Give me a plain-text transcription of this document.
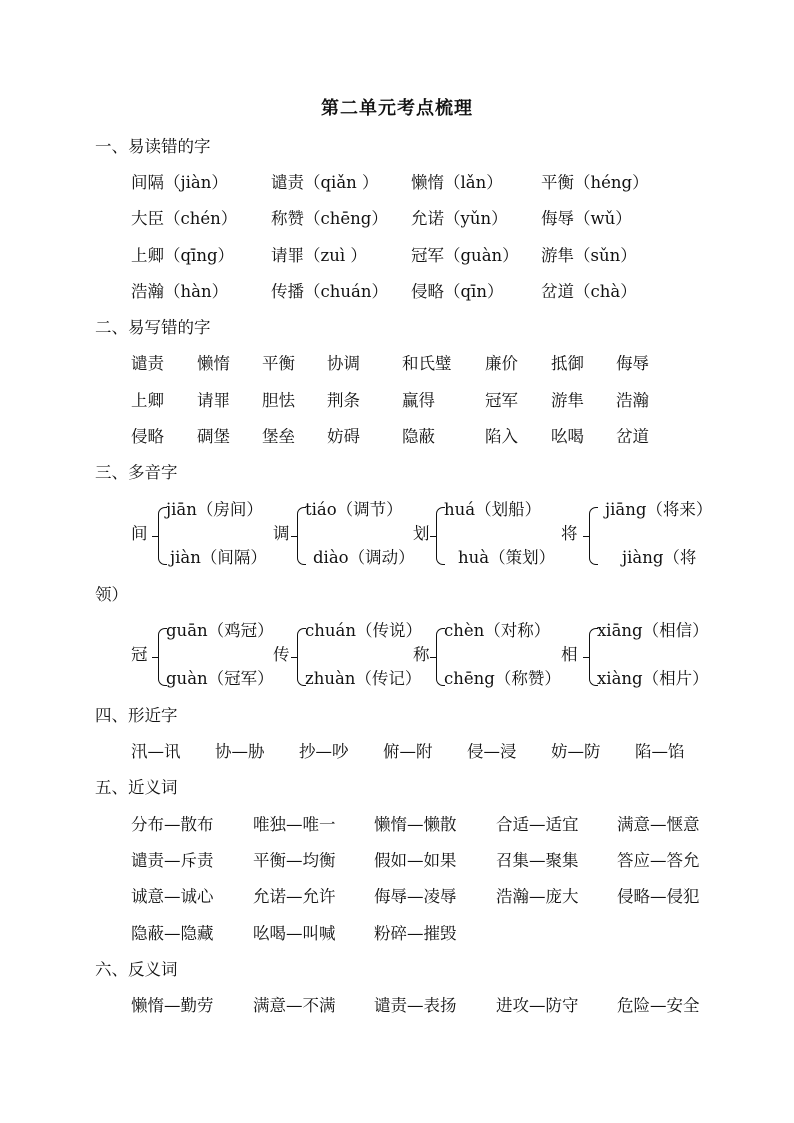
第二单元考点梳理
一、易读错的字
间隔（jiàn）	谴责（qiǎn ） 懒惰（lǎn） 平衡（héng）
大臣（chén） 称赞（chēng） 允诺（yǔn） 侮辱（wǔ）
上卿（qīng） 请罪（zuì ）	冠军（guàn） 游隼（sǔn）
浩瀚（hàn）	传播（chuán） 侵略（qīn） 岔道（chà）
二、易写错的字
谴责 懒惰 平衡 协调	和氏璧 廉价 抵御 侮辱
上卿 请罪 胆怯 荆条	赢得	冠军 游隼 浩瀚
侵略 碉堡 堡垒 妨碍	隐蔽	陷入 吆喝 岔道
三、多音字
间
jiān（房间）
jiàn（间隔）
调
tiáo（调节）
diào（调动）
划
huá（划船）
huà（策划）
将
jiāng（将来）
jiàng（将
领）
冠
guān（鸡冠）
guàn（冠军）
传
chuán（传说）
zhuàn（传记）
称
chèn（对称）
chēng（称赞）
相
xiāng（相信）
xiàng（相片）
四、形近字
汛—讯 协—胁 抄—吵 俯—附 侵—浸 妨—防 陷—馅
五、近义词
分布—散布 唯独—唯一 懒惰—懒散 合适—适宜 满意—惬意
谴责—斥责 平衡—均衡 假如—如果 召集—聚集 答应—答允
诚意—诚心 允诺—允许 侮辱—凌辱 浩瀚—庞大 侵略—侵犯
隐蔽—隐藏 吆喝—叫喊 粉碎—摧毁
六、反义词
懒惰—勤劳 满意—不满 谴责—表扬 进攻—防守 危险—安全
